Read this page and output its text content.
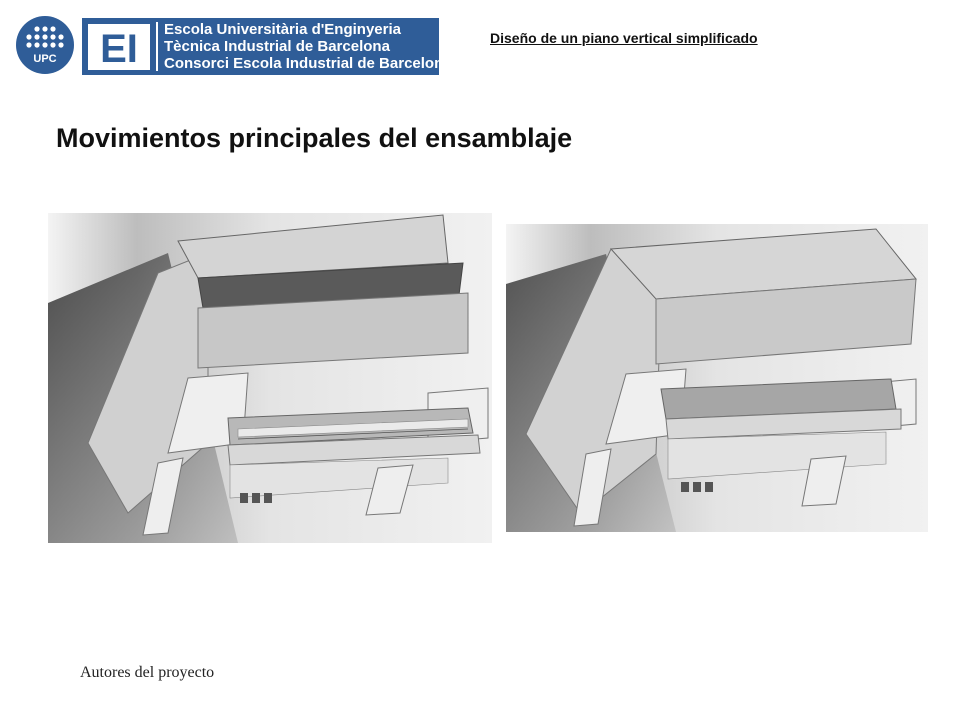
UPC EI Escola Universitària d'Enginyeria
Tècnica Industrial de Barcelona
Consorci Escola Industrial de Barcelona
Diseño de un piano vertical simplificado
Movimientos principales del ensamblaje
Autores del proyecto
